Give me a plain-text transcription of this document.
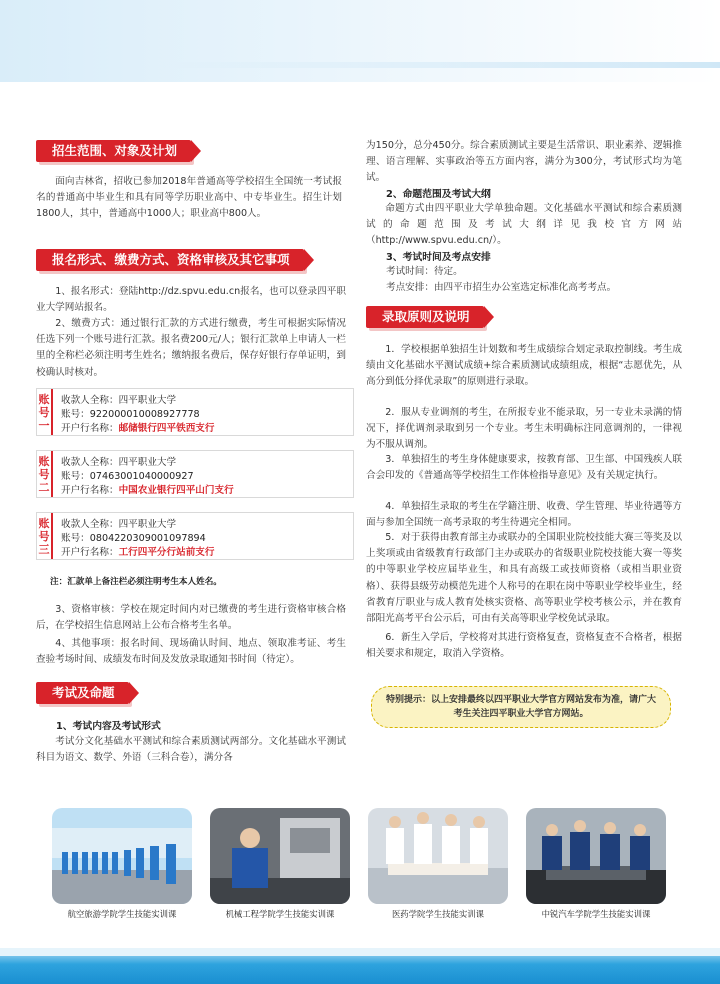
招生范围、对象及计划

面向吉林省，招收已参加2018年普通高等学校招生全国统一考试报名的普通高中毕业生和具有同等学历职业高中、中专毕业生。招生计划1800人，其中，普通高中1000人；职业高中800人。

报名形式、缴费方式、资格审核及其它事项

1、报名形式：登陆http://dz.spvu.edu.cn报名，也可以登录四平职业大学网站报名。

2、缴费方式：通过银行汇款的方式进行缴费，考生可根据实际情况任选下列一个账号进行汇款。报名费200元/人；银行汇款单上申请人一栏里的全称栏必须注明考生姓名；缴纳报名费后，保存好银行存单证明，到校确认时核对。

账号一
收款人全称：四平职业大学
账号：922000010008927778
开户行名称：邮储银行四平铁西支行
账号二
收款人全称：四平职业大学
账号：07463001040000927
开户行名称：中国农业银行四平山门支行
账号三
收款人全称：四平职业大学
账号：0804220309001097894
开户行名称：工行四平分行站前支行
注：汇款单上备注栏必须注明考生本人姓名。

3、资格审核：学校在规定时间内对已缴费的考生进行资格审核合格后，在学校招生信息网站上公布合格考生名单。

4、其他事项：报名时间、现场确认时间、地点、领取准考证、考生查验考场时间、成绩发布时间及发放录取通知书时间（待定）。

考试及命题

1、考试内容及考试形式

考试分文化基础水平测试和综合素质测试两部分。文化基础水平测试科目为语文、数学、外语（三科合卷），满分各

为150分，总分450分。综合素质测试主要是生活常识、职业素养、逻辑推理、语言理解、实事政治等五方面内容，满分为300分，考试形式均为笔试。

2、命题范围及考试大纲

命题方式由四平职业大学单独命题。文化基础水平测试和综合素质测试的命题范围及考试大纲详见我校官方网站（http://www.spvu.edu.cn/）。

3、考试时间及考点安排

考试时间：待定。

考点安排：由四平市招生办公室选定标准化高考考点。

录取原则及说明

1．学校根据单独招生计划数和考生成绩综合划定录取控制线。考生成绩由文化基础水平测试成绩+综合素质测试成绩组成，根据“志愿优先，从高分到低分择优录取”的原则进行录取。

2．服从专业调剂的考生，在所报专业不能录取，另一专业未录满的情况下，择优调剂录取到另一个专业。考生未明确标注同意调剂的，一律视为不服从调剂。

3．单独招生的考生身体健康要求，按教育部、卫生部、中国残疾人联合会印发的《普通高等学校招生工作体检指导意见》及有关规定执行。

4．单独招生录取的考生在学籍注册、收费、学生管理、毕业待遇等方面与参加全国统一高考录取的考生待遇完全相同。

5．对于获得由教育部主办或联办的全国职业院校技能大赛三等奖及以上奖项或由省级教育行政部门主办或联办的省级职业院校技能大赛一等奖的中等职业学校应届毕业生，和具有高级工或技师资格（或相当职业资格）、获得县级劳动模范先进个人称号的在职在岗中等职业学校毕业生，经省教育厅职业与成人教育处核实资格、高等职业学校考核公示，并在教育部阳光高考平台公示后，可由有关高等职业学校免试录取。

6．新生入学后，学校将对其进行资格复查，资格复查不合格者，根据相关要求和规定，取消入学资格。

特别提示：以上安排最终以四平职业大学官方网站发布为准，请广大考生关注四平职业大学官方网站。
航空旅游学院学生技能实训课	机械工程学院学生技能实训课	医药学院学生技能实训课	中锐汽车学院学生技能实训课
